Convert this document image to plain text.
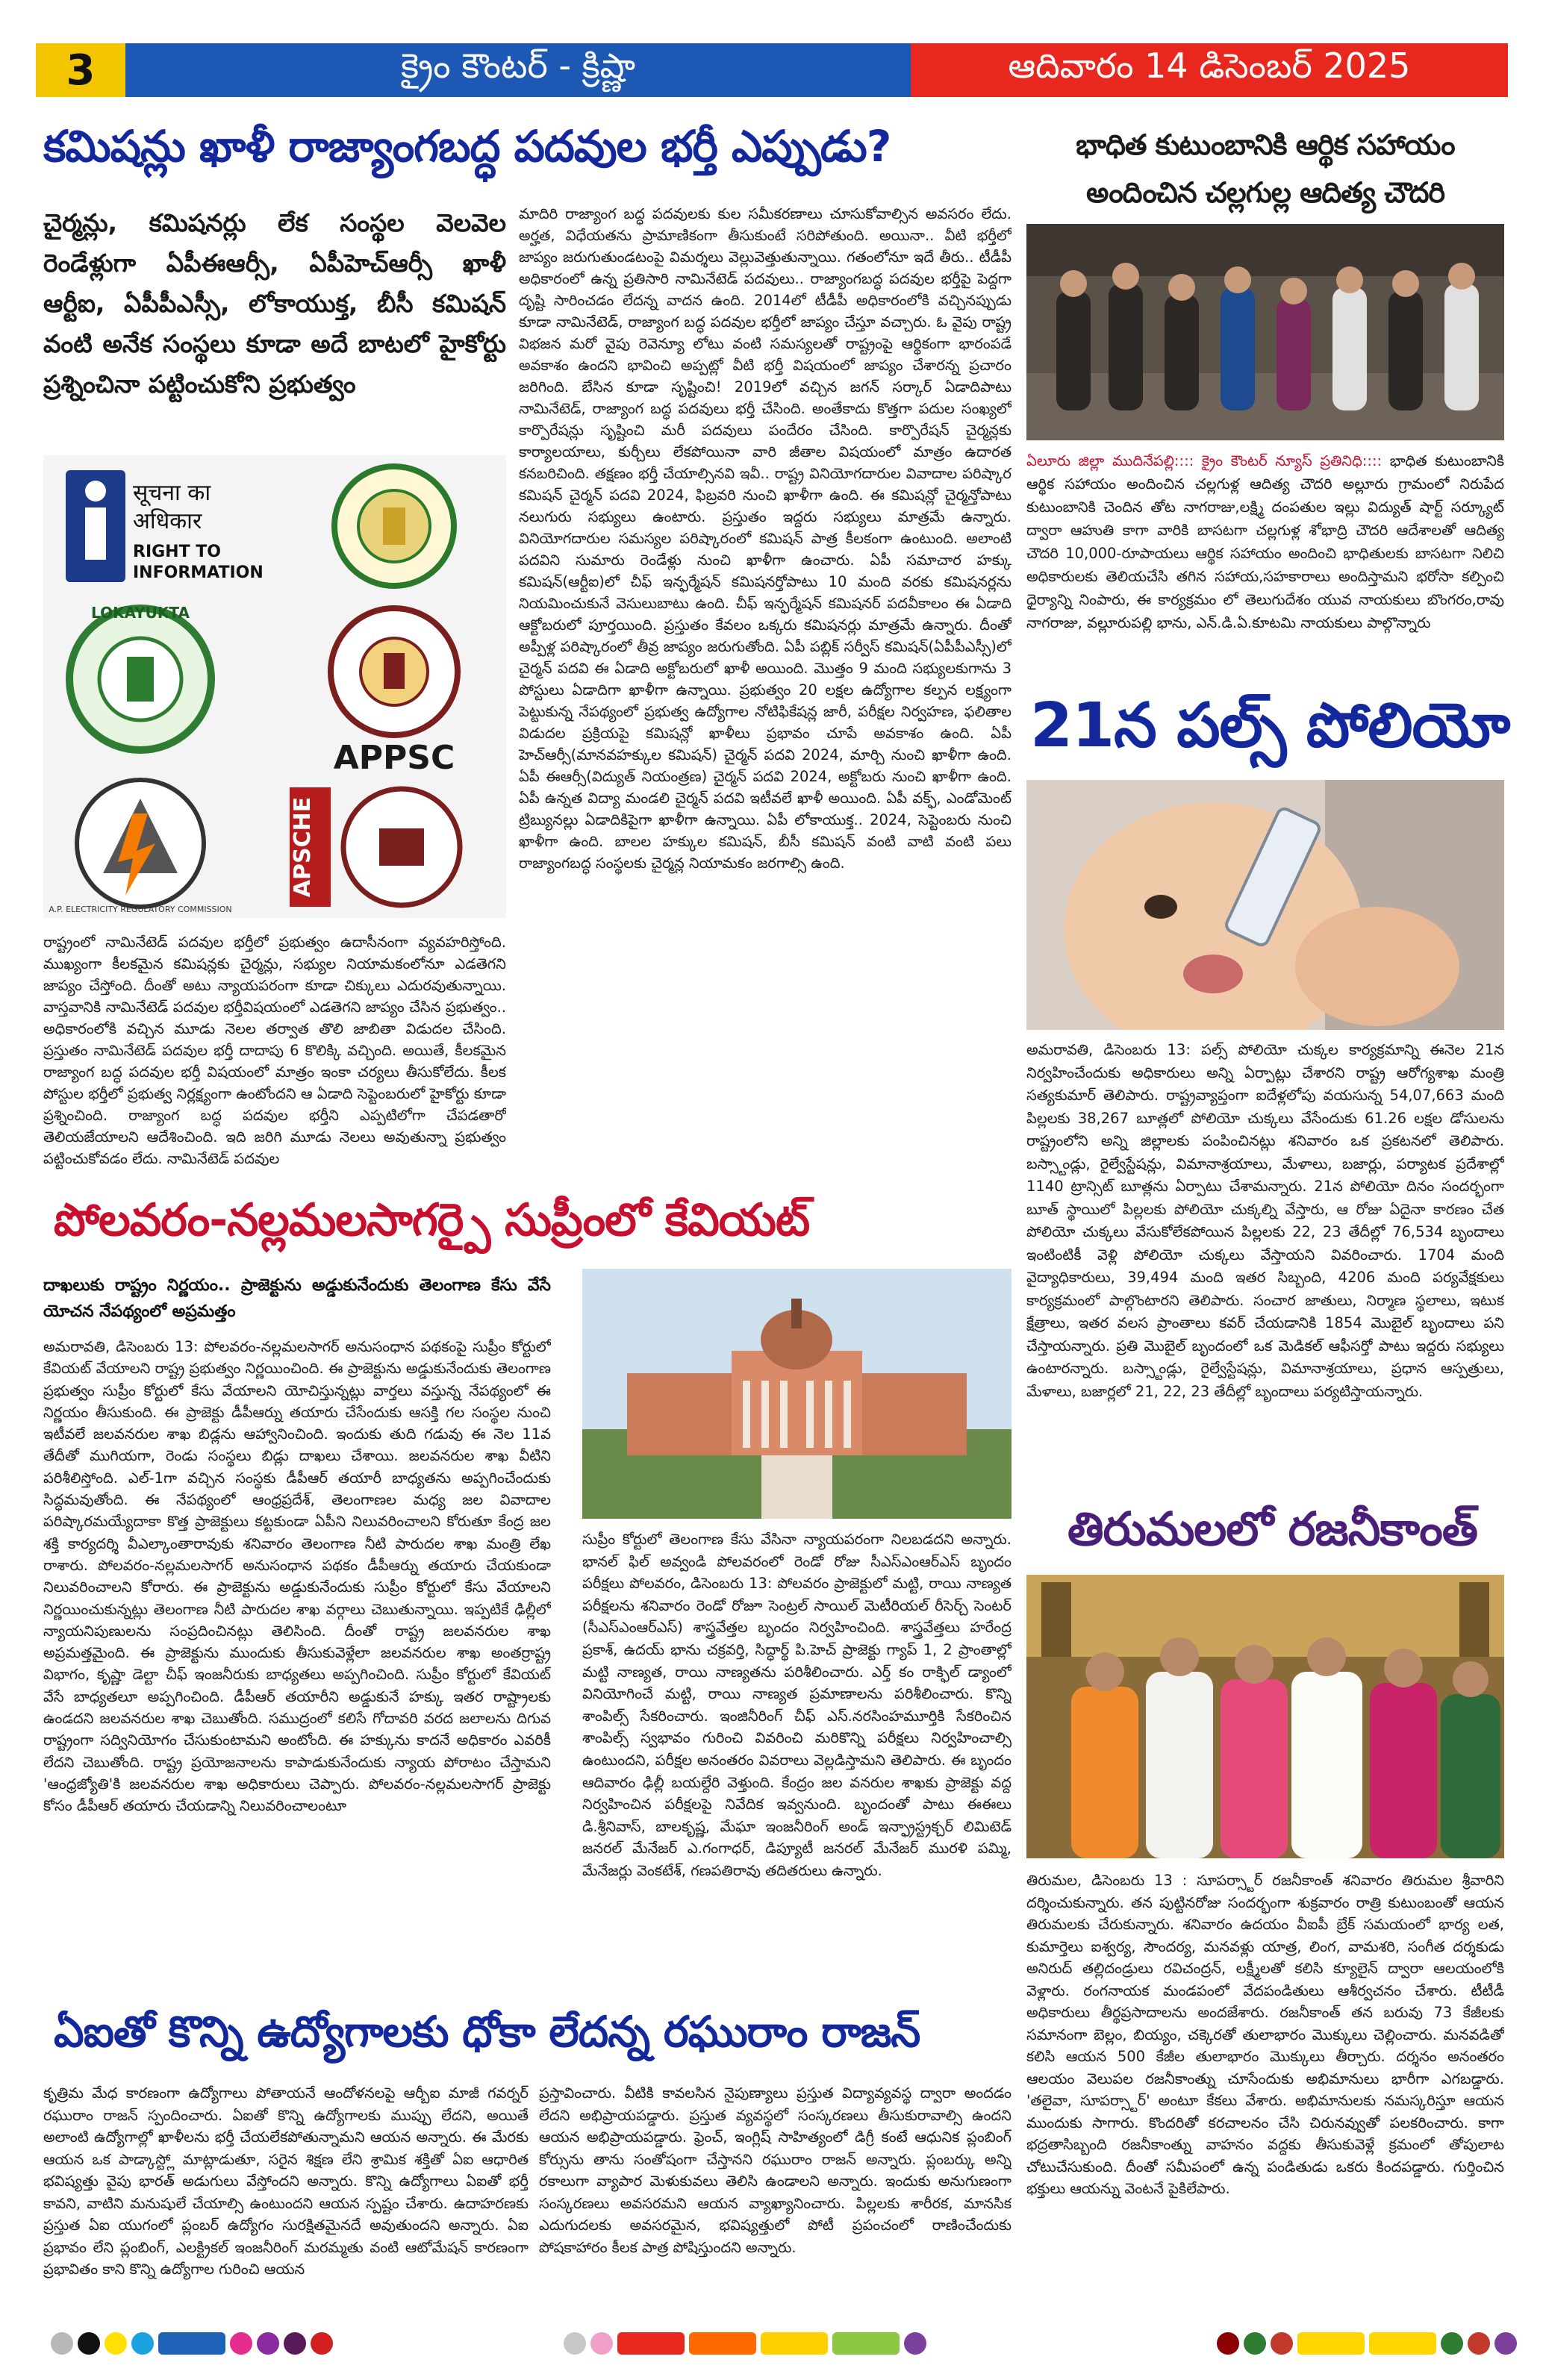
3	క్రైం కౌంటర్ - క్రిష్ణా	ఆదివారం 14 డిసెంబర్ 2025
కమిషన్లు ఖాళీ రాజ్యాంగబద్ధ పదవుల భర్తీ ఎప్పుడు?
చైర్మన్లు, కమిషనర్లు లేక సంస్థల వెలవెల రెండేళ్లుగా ఏపీఈఆర్సీ, ఏపీహెచ్ఆర్సీ ఖాళీ ఆర్టీఐ, ఏపీపీఎస్సీ, లోకాయుక్త, బీసీ కమిషన్ వంటి అనేక సంస్థలు కూడా అదే బాటలో హైకోర్టు ప్రశ్నించినా పట్టించుకోని ప్రభుత్వం
सूचना का
अधिकार
RIGHT TO
INFORMATION
LOKAYUKTA
APPSC
A.P. ELECTRICITY REGULATORY COMMISSION
APSCHE
రాష్ట్రంలో నామినేటెడ్ పదవుల భర్తీలో ప్రభుత్వం ఉదాసీనంగా వ్యవహరిస్తోంది. ముఖ్యంగా కీలకమైన కమిషన్లకు చైర్మన్లు, సభ్యుల నియామకంలోనూ ఎడతెగని జాప్యం చేస్తోంది. దీంతో అటు న్యాయపరంగా కూడా చిక్కులు ఎదురవుతున్నాయి. వాస్తవానికి నామినేటెడ్ పదవుల భర్తీవిషయంలో ఎడతెగని జాప్యం చేసిన ప్రభుత్వం.. అధికారంలోకి వచ్చిన మూడు నెలల తర్వాత తొలి జాబితా విడుదల చేసింది. ప్రస్తుతం నామినేటెడ్ పదవుల భర్తీ దాదాపు 6 కొలిక్కి వచ్చింది. అయితే, కీలకమైన రాజ్యాంగ బద్ధ పదవుల భర్తీ విషయంలో మాత్రం ఇంకా చర్యలు తీసుకోలేదు. కీలక పోస్టుల భర్తీలో ప్రభుత్వ నిర్లక్ష్యంగా ఉంటోందని ఆ ఏడాది సెప్టెంబరులో హైకోర్టు కూడా ప్రశ్నించింది. రాజ్యాంగ బద్ధ పదవుల భర్తీని ఎప్పటిలోగా చేపడతారో తెలియజేయాలని ఆదేశించింది. ఇది జరిగి మూడు నెలలు అవుతున్నా ప్రభుత్వం పట్టించుకోవడం లేదు. నామినేటెడ్ పదవుల
మాదిరి రాజ్యాంగ బద్ధ పదవులకు కుల సమీకరణాలు చూసుకోవాల్సిన అవసరం లేదు. అర్హత, విధేయతను ప్రామాణికంగా తీసుకుంటే సరిపోతుంది. అయినా.. వీటి భర్తీలో జాప్యం జరుగుతుండటంపై విమర్శలు వెల్లువెత్తుతున్నాయి. గతంలోనూ ఇదే తీరు.. టీడీపీ అధికారంలో ఉన్న ప్రతిసారి నామినేటెడ్ పదవులు.. రాజ్యాంగబద్ధ పదవుల భర్తీపై పెద్దగా దృష్టి సారించడం లేదన్న వాదన ఉంది. 2014లో టీడీపీ అధికారంలోకి వచ్చినప్పుడు కూడా నామినేటెడ్, రాజ్యాంగ బద్ధ పదవుల భర్తీలో జాప్యం చేస్తూ వచ్చారు. ఓ వైపు రాష్ట్ర విభజన మరో వైపు రెవెన్యూ లోటు వంటి సమస్యలతో రాష్ట్రంపై ఆర్థికంగా భారంపడే అవకాశం ఉందని భావించి అప్పట్లో వీటి భర్తీ విషయంలో జాప్యం చేశారన్న ప్రచారం జరిగింది. బేసిన కూడా సృష్టించి! 2019లో వచ్చిన జగన్ సర్కార్ ఏడాదిపాటు నామినేటెడ్, రాజ్యాంగ బద్ధ పదవులు భర్తీ చేసింది. అంతేకాదు కొత్తగా పదుల సంఖ్యలో కార్పొరేషన్లు సృష్టించి మరీ పదవులు పందేరం చేసింది. కార్పొరేషన్ చైర్మన్లకు కార్యాలయాలు, కుర్చీలు లేకపోయినా వారి జీతాల విషయంలో మాత్రం ఉదారత కనబరిచింది. తక్షణం భర్తీ చేయాల్సినవి ఇవీ.. రాష్ట్ర వినియోగదారుల వివాదాల పరిష్కార కమిషన్ చైర్మన్ పదవి 2024, ఫిబ్రవరి నుంచి ఖాళీగా ఉంది. ఈ కమిషన్లో చైర్మన్తోపాటు నలుగురు సభ్యులు ఉంటారు. ప్రస్తుతం ఇద్దరు సభ్యులు మాత్రమే ఉన్నారు. వినియోగదారుల సమస్యల పరిష్కారంలో కమిషన్ పాత్ర కీలకంగా ఉంటుంది. అలాంటి పదవిని సుమారు రెండేళ్లు నుంచి ఖాళీగా ఉంచారు. ఏపీ సమాచార హక్కు కమిషన్(ఆర్టీఐ)లో చీఫ్ ఇన్ఫర్మేషన్ కమిషనర్తోపాటు 10 మంది వరకు కమిషనర్లను నియమించుకునే వెసులుబాటు ఉంది. చీఫ్ ఇన్ఫర్మేషన్ కమిషనర్ పదవీకాలం ఈ ఏడాది ఆక్టోబరులో పూర్తయింది. ప్రస్తుతం కేవలం ఒక్కరు కమిషనర్లు మాత్రమే ఉన్నారు. దీంతో అప్పీళ్ల పరిష్కారంలో తీవ్ర జాప్యం జరుగుతోంది. ఏపీ పబ్లిక్ సర్వీస్ కమిషన్(ఏపీపీఎస్సీ)లో చైర్మన్ పదవి ఈ ఏడాది అక్టోబరులో ఖాళీ అయింది. మొత్తం 9 మంది సభ్యులకుగాను 3 పోస్టులు ఏడాదిగా ఖాళీగా ఉన్నాయి. ప్రభుత్వం 20 లక్షల ఉద్యోగాల కల్పన లక్ష్యంగా పెట్టుకున్న నేపథ్యంలో ప్రభుత్వ ఉద్యోగాల నోటిఫికేషన్ల జారీ, పరీక్షల నిర్వహణ, ఫలితాల విడుదల ప్రక్రియపై కమిషన్లో ఖాళీలు ప్రభావం చూపే అవకాశం ఉంది. ఏపీ హెచ్ఆర్సీ(మానవహక్కుల కమిషన్) చైర్మన్ పదవి 2024, మార్చి నుంచి ఖాళీగా ఉంది. ఏపీ ఈఆర్సీ(విద్యుత్ నియంత్రణ) చైర్మన్ పదవి 2024, అక్టోబరు నుంచి ఖాళీగా ఉంది. ఏపీ ఉన్నత విద్యా మండలి చైర్మన్ పదవి ఇటీవలే ఖాళీ అయింది. ఏపీ వక్ఫ్, ఎండోమెంట్ ట్రిబ్యునల్లు ఏడాదికిపైగా ఖాళీగా ఉన్నాయి. ఏపీ లోకాయుక్త.. 2024, సెప్టెంబరు నుంచి ఖాళీగా ఉంది. బాలల హక్కుల కమిషన్, బీసీ కమిషన్ వంటి వాటి వంటి పలు రాజ్యాంగబద్ధ సంస్థలకు చైర్మన్ల నియామకం జరగాల్సి ఉంది.
భాధిత కుటుంబానికి ఆర్థిక సహాయం అందించిన చల్లగుల్ల ఆదిత్య చౌదరి
ఏలూరు జిల్లా ముదినేపల్లి:::: క్రైం కౌంటర్ న్యూస్ ప్రతినిధి:::: భాధిత కుటుంబానికి ఆర్థిక సహాయం అందించిన చల్లగుళ్ల ఆదిత్య చౌదరి అల్లూరు గ్రామంలో నిరుపేద కుటుంబానికి చెందిన తోట నాగరాజు,లక్ష్మి దంపతుల ఇల్లు విద్యుత్ షార్ట్ సర్క్యూట్ ద్వారా ఆహుతి కాగా వారికి బాసటగా చల్లగుళ్ల శోభాద్రి చౌదరి ఆదేశాలతో ఆదిత్య చౌదరి 10,000-రూపాయలు ఆర్థిక సహాయం అందించి భాధితులకు బాసటగా నిలిచి అధికారులకు తెలియచేసి తగిన సహాయ,సహకారాలు అందిస్తామని భరోసా కల్పించి ధైర్యాన్ని నింపారు, ఈ కార్యక్రమం లో తెలుగుదేశం యువ నాయకులు బొంగరం,రావు నాగరాజు, వల్లూరుపల్లి భాను, ఎన్.డి.ఏ.కూటమి నాయకులు పాల్గొన్నారు
21న పల్స్ పోలియో
అమరావతి, డిసెంబరు 13: పల్స్ పోలియో చుక్కల కార్యక్రమాన్ని ఈనెల 21న నిర్వహించేందుకు అధికారులు అన్ని ఏర్పాట్లు చేశారని రాష్ట్ర ఆరోగ్యశాఖ మంత్రి సత్యకుమార్ తెలిపారు. రాష్ట్రవ్యాప్తంగా ఐదేళ్లలోపు వయసున్న 54,07,663 మంది పిల్లలకు 38,267 బూత్లలో పోలియో చుక్కలు వేసేందుకు 61.26 లక్షల డోసులను రాష్ట్రంలోని అన్ని జిల్లాలకు పంపించినట్లు శనివారం ఒక ప్రకటనలో తెలిపారు. బస్స్టాండ్లు, రైల్వేస్టేషన్లు, విమానాశ్రయాలు, మేళాలు, బజార్లు, పర్యాటక ప్రదేశాల్లో 1140 ట్రాన్సిట్ బూత్లను ఏర్పాటు చేశామన్నారు. 21న పోలియో దినం సందర్భంగా బూత్ స్థాయిలో పిల్లలకు పోలియో చుక్కల్ని వేస్తారు, ఆ రోజు ఏదైనా కారణం చేత పోలియో చుక్కలు వేసుకోలేకపోయిన పిల్లలకు 22, 23 తేదీల్లో 76,534 బృందాలు ఇంటింటికీ వెళ్లి పోలియో చుక్కలు వేస్తాయని వివరించారు. 1704 మంది వైద్యాధికారులు, 39,494 మంది ఇతర సిబ్బంది, 4206 మంది పర్యవేక్షకులు కార్యక్రమంలో పాల్గొంటారని తెలిపారు. సంచార జాతులు, నిర్మాణ స్థలాలు, ఇటుక క్షేత్రాలు, ఇతర వలస ప్రాంతాలు కవర్ చేయడానికి 1854 మొబైల్ బృందాలు పని చేస్తాయన్నారు. ప్రతి మొబైల్ బృందంలో ఒక మెడికల్ ఆఫీసర్తో పాటు ఇద్దరు సభ్యులు ఉంటారన్నారు. బస్స్టాండ్లు, రైల్వేస్టేషన్లు, విమానాశ్రయాలు, ప్రధాన ఆస్పత్రులు, మేళాలు, బజార్లలో 21, 22, 23 తేదీల్లో బృందాలు పర్యటిస్తాయన్నారు.
పోలవరం-నల్లమలసాగర్పై సుప్రీంలో కేవియట్
దాఖలుకు రాష్ట్రం నిర్ణయం.. ప్రాజెక్టును అడ్డుకునేందుకు తెలంగాణ కేసు వేసే యోచన నేపథ్యంలో అప్రమత్తం
అమరావతి, డిసెంబరు 13: పోలవరం-నల్లమలసాగర్ అనుసంధాన పథకంపై సుప్రీం కోర్టులో కేవియట్ వేయాలని రాష్ట్ర ప్రభుత్వం నిర్ణయించింది. ఈ ప్రాజెక్టును అడ్డుకునేందుకు తెలంగాణ ప్రభుత్వం సుప్రీం కోర్టులో కేసు వేయాలని యోచిస్తున్నట్లు వార్తలు వస్తున్న నేపథ్యంలో ఈ నిర్ణయం తీసుకుంది. ఈ ప్రాజెక్టు డీపీఆర్ను తయారు చేసేందుకు ఆసక్తి గల సంస్థల నుంచి ఇటీవలే జలవనరుల శాఖ బిడ్లను ఆహ్వానించింది. ఇందుకు తుది గడువు ఈ నెల 11వ తేదీతో ముగియగా, రెండు సంస్థలు బిడ్లు దాఖలు చేశాయి. జలవనరుల శాఖ వీటిని పరిశీలిస్తోంది. ఎల్-1గా వచ్చిన సంస్థకు డీపీఆర్ తయారీ బాధ్యతను అప్పగించేందుకు సిద్ధమవుతోంది. ఈ నేపథ్యంలో ఆంధ్రప్రదేశ్, తెలంగాణల మధ్య జల వివాదాల పరిష్కారమయ్యేదాకా కొత్త ప్రాజెక్టులు కట్టకుండా ఏపీని నిలువరించాలని కోరుతూ కేంద్ర జల శక్తి కార్యదర్శి వీఎల్కాంతారావుకు శనివారం తెలంగాణ నీటి పారుదల శాఖ మంత్రి లేఖ రాశారు. పోలవరం-నల్లమలసాగర్ అనుసంధాన పథకం డీపీఆర్ను తయారు చేయకుండా నిలువరించాలని కోరారు. ఈ ప్రాజెక్టును అడ్డుకునేందుకు సుప్రీం కోర్టులో కేసు వేయాలని నిర్ణయించుకున్నట్లు తెలంగాణ నీటి పారుదల శాఖ వర్గాలు చెబుతున్నాయి. ఇప్పటికే ఢిల్లీలో న్యాయనిపుణులను సంప్రదించినట్లు తెలిసింది. దీంతో రాష్ట్ర జలవనరుల శాఖ అప్రమత్తమైంది. ఈ ప్రాజెక్టును ముందుకు తీసుకువెళ్లేలా జలవనరుల శాఖ అంతర్రాష్ట్ర విభాగం, కృష్ణా డెల్టా చీఫ్ ఇంజనీరుకు బాధ్యతలు అప్పగించింది. సుప్రీం కోర్టులో కేవియట్ వేసే బాధ్యతలూ అప్పగించింది. డీపీఆర్ తయారీని అడ్డుకునే హక్కు ఇతర రాష్ట్రాలకు ఉండదని జలవనరుల శాఖ చెబుతోంది. సముద్రంలో కలిసే గోదావరి వరద జలాలను దిగువ రాష్ట్రంగా సద్వినియోగం చేసుకుంటామని అంటోంది. ఈ హక్కును కాదనే అధికారం ఎవరికీ లేదని చెబుతోంది. రాష్ట్ర ప్రయోజనాలను కాపాడుకునేందుకు న్యాయ పోరాటం చేస్తామని 'ఆంధ్రజ్యోతి'కి జలవనరుల శాఖ అధికారులు చెప్పారు. పోలవరం-నల్లమలసాగర్ ప్రాజెక్టు కోసం డీపీఆర్ తయారు చేయడాన్ని నిలువరించాలంటూ
సుప్రీం కోర్టులో తెలంగాణ కేసు వేసినా న్యాయపరంగా నిలబడదని అన్నారు. భానల్ ఫిల్ అవ్వండి పోలవరంలో రెండో రోజు సీఎస్ఎంఆర్ఎస్ బృందం పరీక్షలు పోలవరం, డిసెంబరు 13: పోలవరం ప్రాజెక్టులో మట్టి, రాయి నాణ్యత పరీక్షలను శనివారం రెండో రోజూ సెంట్రల్ సాయిల్ మెటీరియల్ రీసెర్చ్ సెంటర్ (సీఎస్ఎంఆర్ఎస్) శాస్త్రవేత్తల బృందం నిర్వహించింది. శాస్త్రవేత్తలు హరేంద్ర ప్రకాశ్, ఉదయ్ భాను చక్రవర్తి, సిద్ధార్థ్ పి.హెచ్ ప్రాజెక్టు గ్యాప్ 1, 2 ప్రాంతాల్లో మట్టి నాణ్యత, రాయి నాణ్యతను పరిశీలించారు. ఎర్త్ కం రాక్ఫిల్ డ్యాంలో వినియోగించే మట్టి, రాయి నాణ్యత ప్రమాణాలను పరిశీలించారు. కొన్ని శాంపిల్స్ సేకరించారు. ఇంజినీరింగ్ చీఫ్ ఎస్.నరసింహమూర్తికి సేకరించిన శాంపిల్స్ స్వభావం గురించి వివరించి మరికొన్ని పరీక్షలు నిర్వహించాల్సి ఉంటుందని, పరీక్షల అనంతరం వివరాలు వెల్లడిస్తామని తెలిపారు. ఈ బృందం ఆదివారం ఢిల్లీ బయల్దేరి వెళ్తుంది. కేంద్రం జల వనరుల శాఖకు ప్రాజెక్టు వద్ద నిర్వహించిన పరీక్షలపై నివేదిక ఇవ్వనుంది. బృందంతో పాటు ఈఈలు డి.శ్రీనివాస్, బాలకృష్ణ, మేఘా ఇంజనీరింగ్ అండ్ ఇన్ఫ్రాస్ట్రక్చర్ లిమిటెడ్ జనరల్ మేనేజర్ ఎ.గంగాధర్, డిప్యూటీ జనరల్ మేనేజర్ మురళి పమ్మి, మేనేజర్లు వెంకటేశ్, గణపతిరావు తదితరులు ఉన్నారు.
తిరుమలలో రజనీకాంత్
తిరుమల, డిసెంబరు 13 : సూపర్స్టార్ రజనీకాంత్ శనివారం తిరుమల శ్రీవారిని దర్శించుకున్నారు. తన పుట్టినరోజు సందర్భంగా శుక్రవారం రాత్రి కుటుంబంతో ఆయన తిరుమలకు చేరుకున్నారు. శనివారం ఉదయం వీఐపీ బ్రేక్ సమయంలో భార్య లత, కుమార్తెలు ఐశ్వర్య, సౌందర్య, మనవళ్లు యాత్ర, లింగ, వామశరి, సంగీత దర్శకుడు అనిరుద్ తల్లిదండ్రులు రవిచంద్రన్, లక్ష్మీలతో కలిసి క్యూలైన్ ద్వారా ఆలయంలోకి వెళ్లారు. రంగనాయక మండపంలో వేదపండితులు ఆశీర్వచనం చేశారు. టీటీడీ అధికారులు తీర్థప్రసాదాలను అందజేశారు. రజనీకాంత్ తన బరువు 73 కేజీలకు సమానంగా బెల్లం, బియ్యం, చక్కెరతో తులాభారం మొక్కులు చెల్లించారు. మనవడితో కలిసి ఆయన 500 కేజీల తులాభారం మొక్కులు తీర్చారు. దర్శనం అనంతరం ఆలయం వెలుపల రజనీకాంత్ను చూసేందుకు అభిమానులు భారీగా ఎగబడ్డారు. 'తలైవా, సూపర్స్టార్' అంటూ కేకలు వేశారు. అభిమానులకు నమస్కరిస్తూ ఆయన ముందుకు సాగారు. కొందరితో కరచాలనం చేసి చిరునవ్వుతో పలకరించారు. కాగా భద్రతాసిబ్బంది రజనీకాంత్ను వాహనం వద్దకు తీసుకువెళ్లే క్రమంలో తోపులాట చోటుచేసుకుంది. దీంతో సమీపంలో ఉన్న పండితుడు ఒకరు కిందపడ్డారు. గుర్తించిన భక్తులు ఆయన్ను వెంటనే పైకిలేపారు.
ఏఐతో కొన్ని ఉద్యోగాలకు ధోకా లేదన్న రఘురాం రాజన్
కృత్రిమ మేధ కారణంగా ఉద్యోగాలు పోతాయనే ఆందోళనలపై ఆర్బీఐ మాజీ గవర్నర్ రఘురాం రాజన్ స్పందించారు. ఏఐతో కొన్ని ఉద్యోగాలకు ముప్పు లేదని, అయితే అలాంటి ఉద్యోగాల్లో ఖాళీలను భర్తీ చేయలేకపోతున్నామని ఆయన అన్నారు. ఈ మేరకు ఆయన ఒక పాడ్కాస్ట్లో మాట్లాడుతూ, సరైన శిక్షణ లేని శ్రామిక శక్తితో ఏఐ ఆధారిత భవిష్యత్తు వైపు భారత్ అడుగులు వేస్తోందని అన్నారు. కొన్ని ఉద్యోగాలు ఏఐతో భర్తీ కావని, వాటిని మనుషులే చేయాల్సి ఉంటుందని ఆయన స్పష్టం చేశారు. ఉదాహరణకు ప్రస్తుత ఏఐ యుగంలో ప్లంబర్ ఉద్యోగం సురక్షితమైనదే అవుతుందని అన్నారు. ఏఐ ప్రభావం లేని ప్లంబింగ్, ఎలక్ట్రికల్ ఇంజనీరింగ్ మరమ్మతు వంటి ఆటోమేషన్ కారణంగా ప్రభావితం కాని కొన్ని ఉద్యోగాల గురించి ఆయన
ప్రస్తావించారు. వీటికి కావలసిన నైపుణ్యాలు ప్రస్తుత విద్యావ్యవస్థ ద్వారా అందడం లేదని అభిప్రాయపడ్డారు. ప్రస్తుత వ్యవస్థలో సంస్కరణలు తీసుకురావాల్సి ఉందని ఆయన అభిప్రాయపడ్డారు. ఫ్రెంచ్, ఇంగ్లిష్ సాహిత్యంలో డిగ్రీ కంటే ఆధునిక ప్లంబింగ్ కోర్సును తాను సంతోషంగా చేస్తానని రఘురాం రాజన్ అన్నారు. ప్లంబర్కు అన్ని రకాలుగా వ్యాపార మెళుకువలు తెలిసి ఉండాలని అన్నారు. ఇందుకు అనుగుణంగా సంస్కరణలు అవసరమని ఆయన వ్యాఖ్యానించారు. పిల్లలకు శారీరక, మానసిక ఎదుగుదలకు అవసరమైన, భవిష్యత్తులో పోటీ ప్రపంచంలో రాణించేందుకు పోషకాహారం కీలక పాత్ర పోషిస్తుందని అన్నారు.
